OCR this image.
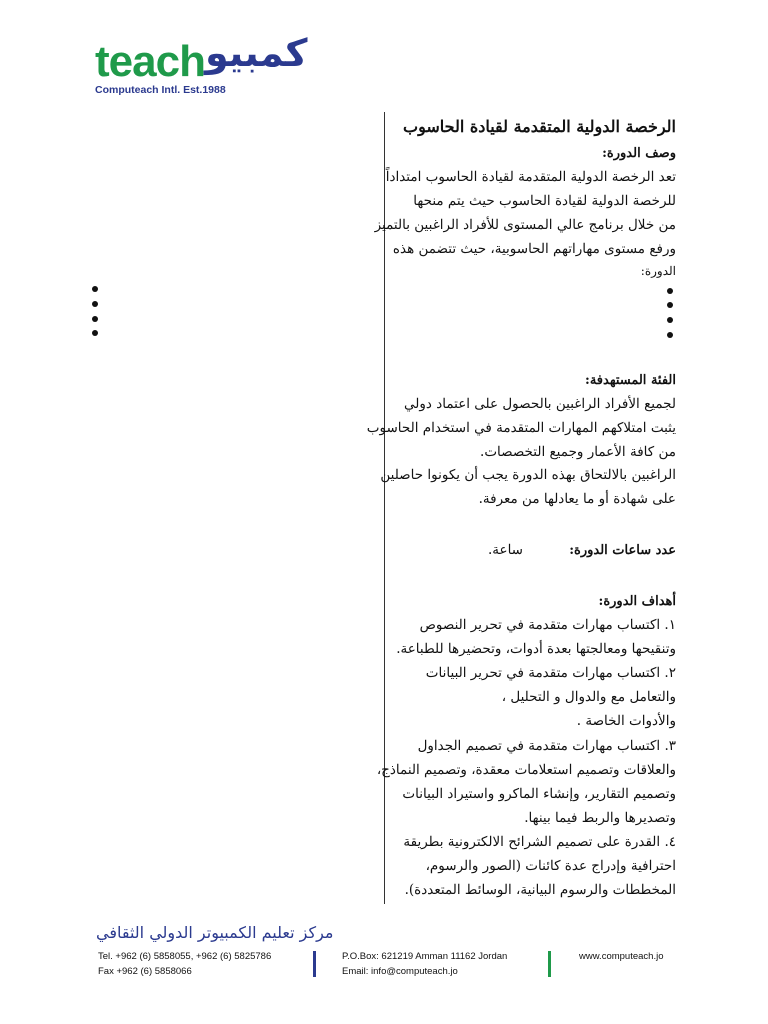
teach كمبيو
Computeach Intl. Est.1988
الرخصة الدولية المتقدمة لقيادة الحاسوب
وصف الدورة:
تعد الرخصة الدولية المتقدمة لقيادة الحاسوب امتداداً
للرخصة الدولية لقيادة الحاسوب حيث يتم منحها
من خلال برنامج عالي المستوى للأفراد الراغبين بالتميز
ورفع مستوى مهاراتهم الحاسوبية، حيث تتضمن هذه
الدورة:
الفئة المستهدفة:
لجميع الأفراد الراغبين بالحصول على اعتماد دولي
يثبت امتلاكهم المهارات المتقدمة في استخدام الحاسوب
من كافة الأعمار وجميع التخصصات.
الراغبين بالالتحاق بهذه الدورة يجب أن يكونوا حاصلين
على شهادة أو ما يعادلها من معرفة.
عدد ساعات الدورة:
ساعة.
أهداف الدورة:
١. اكتساب مهارات متقدمة في تحرير النصوص
وتنقيحها ومعالجتها بعدة أدوات، وتحضيرها للطباعة.
٢. اكتساب مهارات متقدمة في تحرير البيانات
والتعامل مع والدوال و التحليل ،
والأدوات الخاصة .
٣. اكتساب مهارات متقدمة في تصميم الجداول
والعلاقات وتصميم استعلامات معقدة، وتصميم النماذج،
وتصميم التقارير، وإنشاء الماكرو واستيراد البيانات
وتصديرها والربط فيما بينها.
٤. القدرة على تصميم الشرائح الالكترونية بطريقة
احترافية وإدراج عدة كائنات (الصور والرسوم،
المخططات والرسوم البيانية، الوسائط المتعددة).
مركز تعليم الكمبيوتر الدولي الثقافي
Tel. +962 (6) 5858055, +962 (6) 5825786
Fax +962 (6) 5858066
P.O.Box: 621219 Amman 11162 Jordan
Email: info@computeach.jo
www.computeach.jo
